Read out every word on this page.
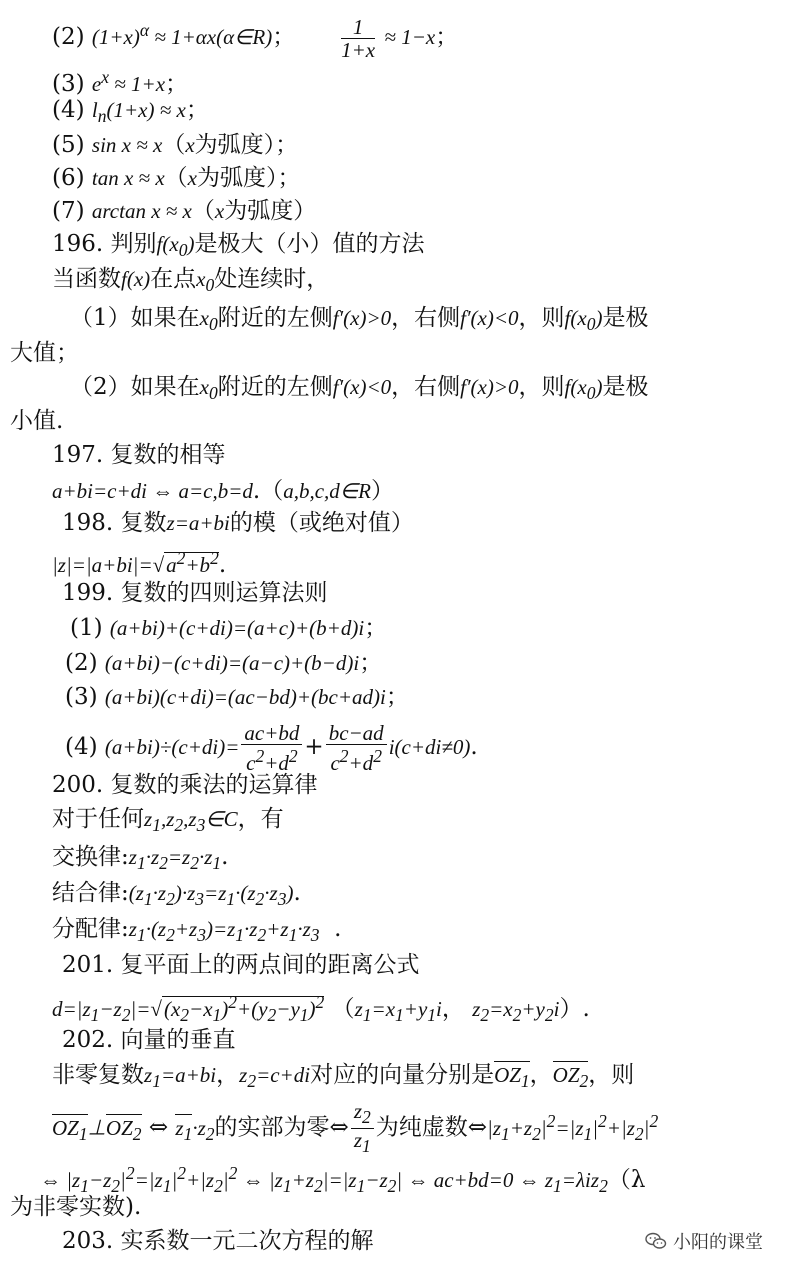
(2) $(1+x)^\alpha$ ≈ 1+αx(α∈R)； $\frac{1}{1+x} \approx 1-x$；
(3) $e^x \approx 1+x$；
(4) $l_n(1+x) \approx x$；
(5) sin x ≈ x（x为弧度）；
(6) tan x ≈ x（x为弧度）；
(7) arctan x ≈ x（x为弧度）
196. 判别$f(x_0)$是极大（小）值的方法
当函数f(x)在点$x_0$处连续时，
（1）如果在$x_0$附近的左侧f′(x)>0，右侧f′(x)<0，则$f(x_0)$是极
大值；
（2）如果在$x_0$附近的左侧f′(x)<0，右侧f′(x)>0，则$f(x_0)$是极
小值.
197. 复数的相等
a+bi=c+di ⇔ a=c,b=d.（a,b,c,d∈R）
198. 复数z=a+bi的模（或绝对值）
$|z|=|a+bi|=√a^2+b^2$.
199. 复数的四则运算法则
(1) (a+bi)+(c+di)=(a+c)+(b+d)i；
(2) (a+bi)−(c+di)=(a−c)+(b−d)i；
(3) (a+bi)(c+di)=(ac−bd)+(bc+ad)i；
(4) $(a+bi)\div(c+di)= \frac{ac+bd}{c^2+d^2} + \frac{bc-ad}{c^2+d^2} i(c+di\ne 0)$.
200. 复数的乘法的运算律
对于任何$z_1,z_2,z_3\in C$，有
交换律$:z_1\cdot z_2=z_2\cdot z_1$.
结合律$:(z_1\cdot z_2)\cdot z_3=z_1\cdot(z_2\cdot z_3)$.
分配律$:z_1\cdot(z_2+z_3)=z_1\cdot z_2+z_1\cdot z_3$  .
201. 复平面上的两点间的距离公式
$d=|z_1-z_2|=√(x_2-x_1)^2+(y_2-y_1)^2$ （$z_1=x_1+y_1i$， $z_2=x_2+y_2i$）.
202. 向量的垂直
非零复数$z_1=a+bi$，$z_2=c+di$对应的向量分别是$OZ_1$，$OZ_2$，则
$OZ_1\perp OZ_2$ ⇔ $z_1\cdot z_2$的实部为零⇔ $\frac{z_2}{z_1}$ 为纯虚数$\Leftrightarrow|z_1+z_2|^2=|z_1|^2+|z_2|^2$
⇔ $|z_1-z_2|^2=|z_1|^2+|z_2|^2$ ⇔ $|z_1+z_2|=|z_1-z_2|$ ⇔ ac+bd=0 ⇔ $z_1=\lambda iz_2(\lambda$
为非零实数).
203. 实系数一元二次方程的解	小阳的课堂
